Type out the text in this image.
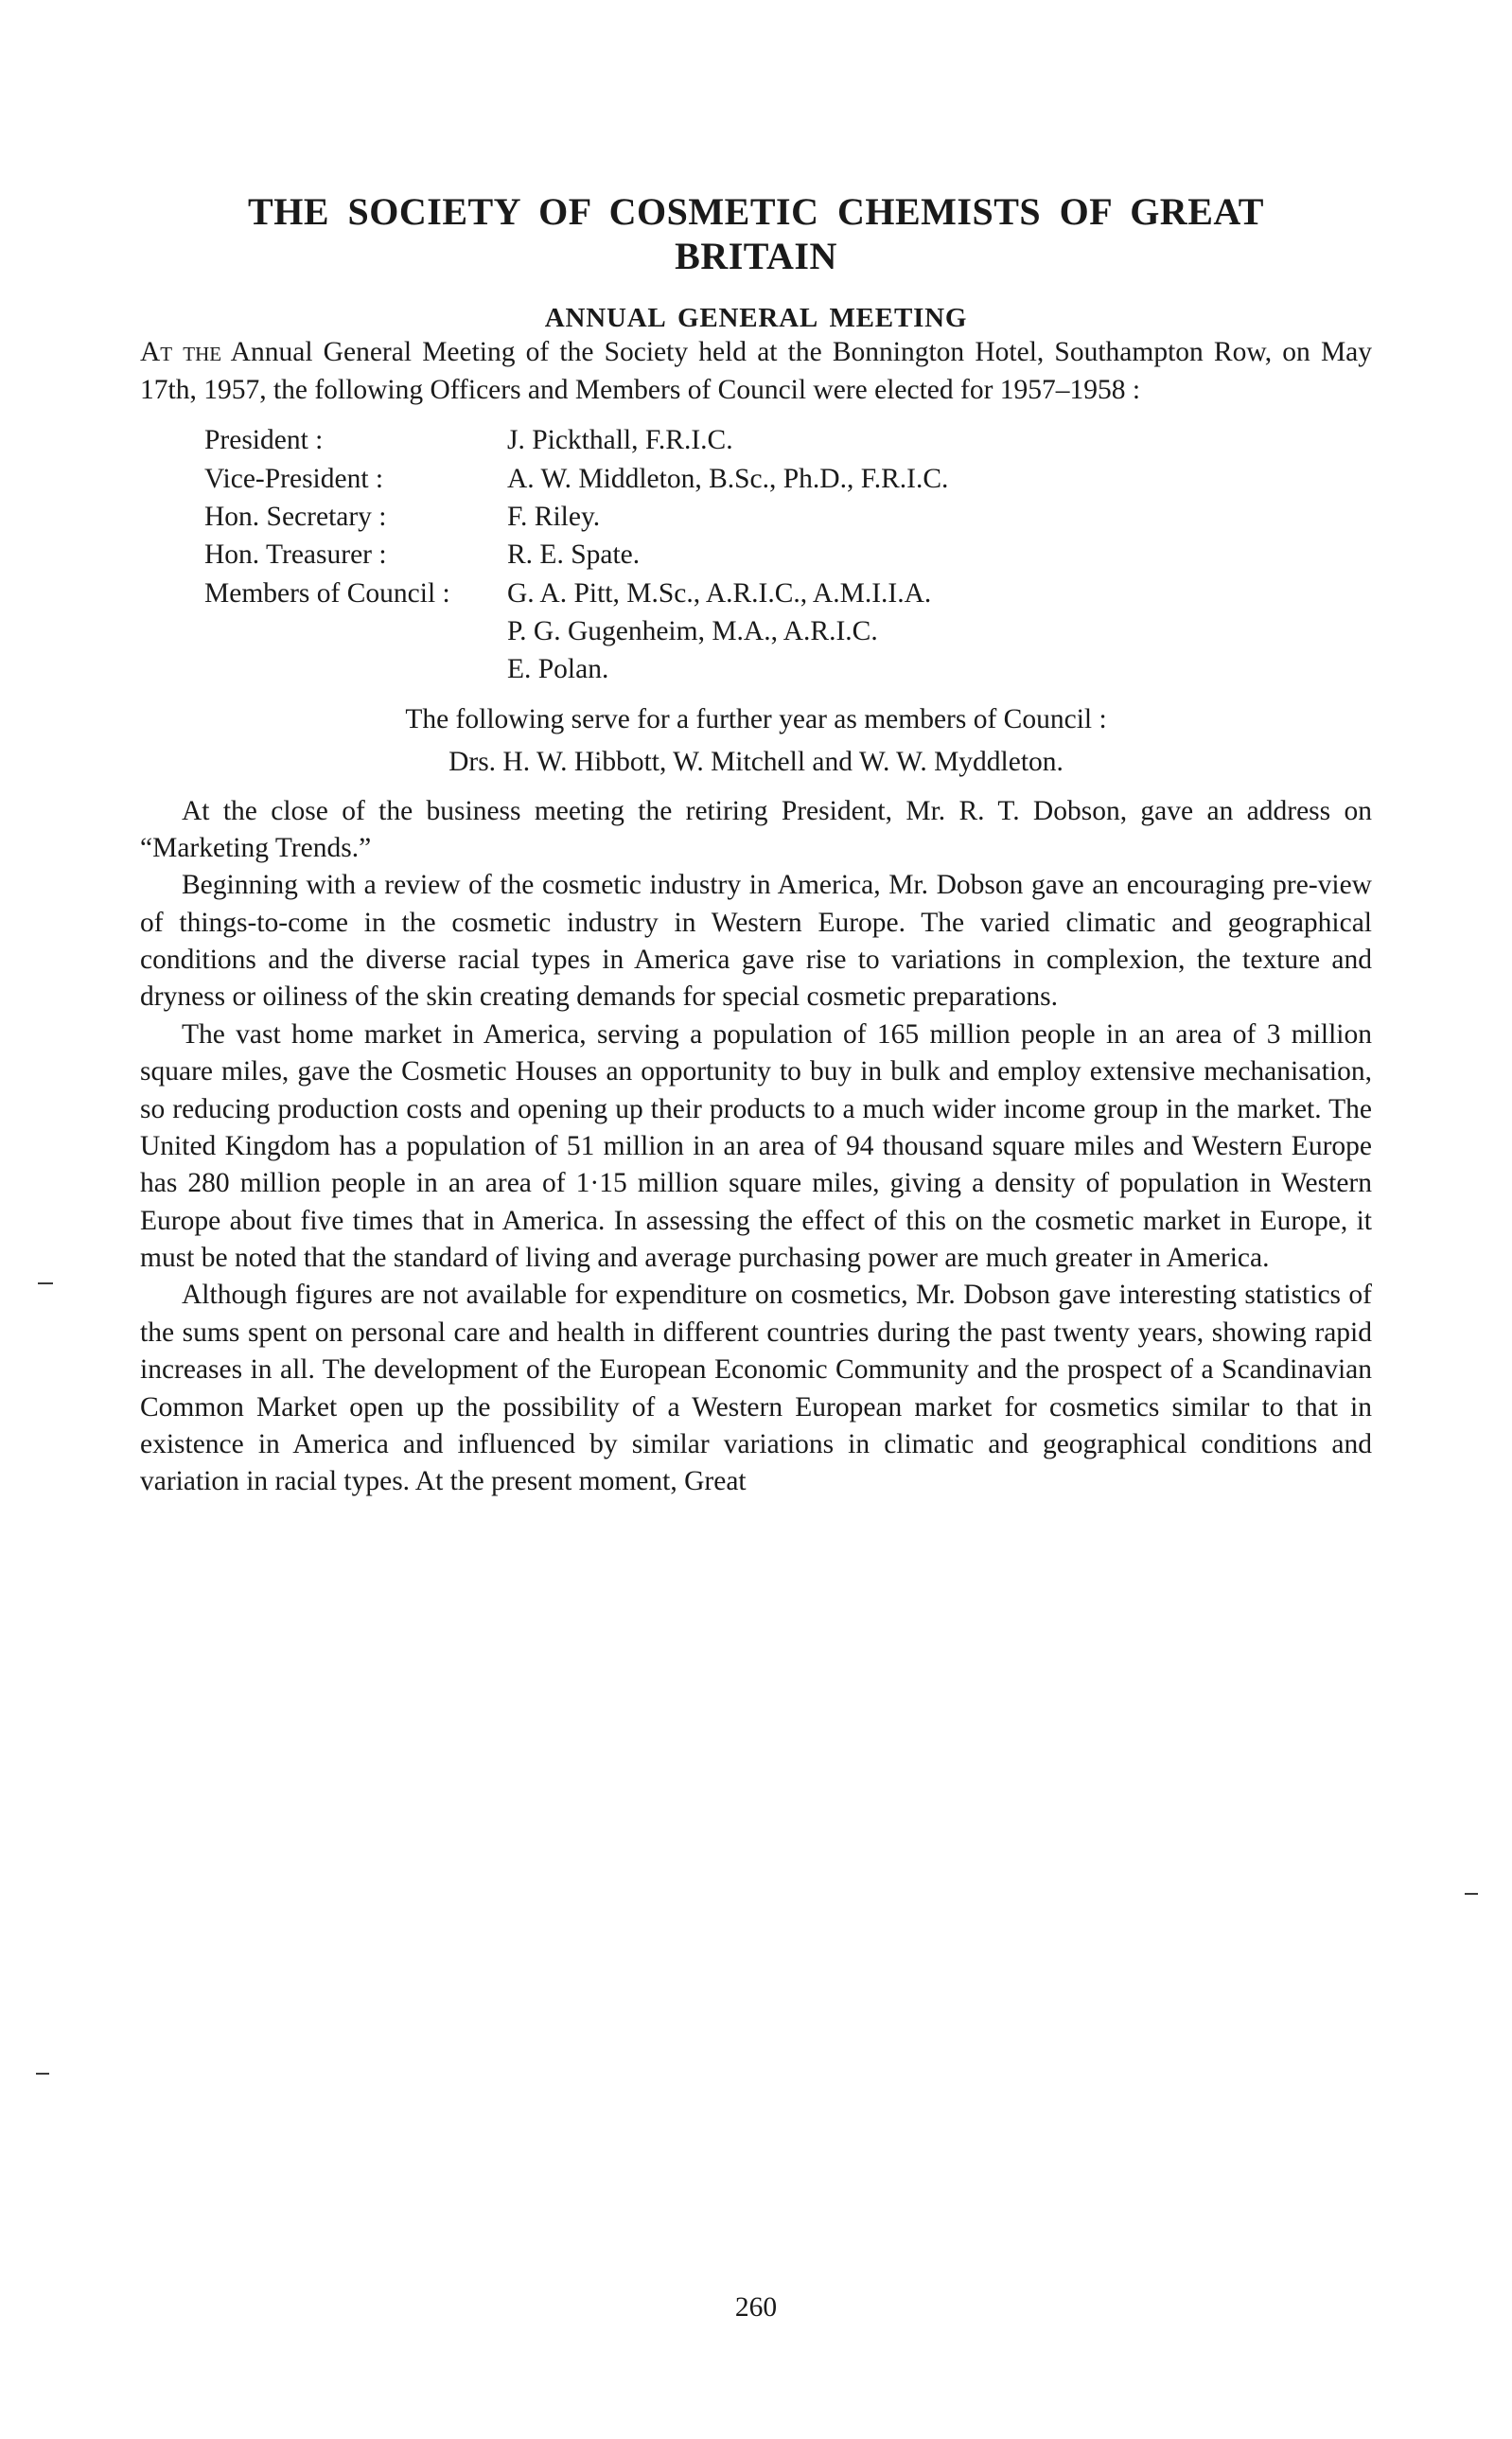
THE SOCIETY OF COSMETIC CHEMISTS OF GREAT BRITAIN
ANNUAL GENERAL MEETING

At the Annual General Meeting of the Society held at the Bonnington Hotel, Southampton Row, on May 17th, 1957, the following Officers and Members of Council were elected for 1957–1958 :

President :	J. Pickthall, F.R.I.C.
Vice-President :	A. W. Middleton, B.Sc., Ph.D., F.R.I.C.
Hon. Secretary :	F. Riley.
Hon. Treasurer :	R. E. Spate.
Members of Council :	G. A. Pitt, M.Sc., A.R.I.C., A.M.I.I.A.
	P. G. Gugenheim, M.A., A.R.I.C.
	E. Polan.

The following serve for a further year as members of Council :

Drs. H. W. Hibbott, W. Mitchell and W. W. Myddleton.

At the close of the business meeting the retiring President, Mr. R. T. Dobson, gave an address on “Marketing Trends.”

Beginning with a review of the cosmetic industry in America, Mr. Dobson gave an encouraging pre-view of things-to-come in the cosmetic industry in Western Europe. The varied climatic and geographical conditions and the diverse racial types in America gave rise to variations in complexion, the texture and dryness or oiliness of the skin creating demands for special cosmetic preparations.

The vast home market in America, serving a population of 165 million people in an area of 3 million square miles, gave the Cosmetic Houses an opportunity to buy in bulk and employ extensive mechanisation, so reducing production costs and opening up their products to a much wider income group in the market. The United Kingdom has a population of 51 million in an area of 94 thousand square miles and Western Europe has 280 million people in an area of 1·15 million square miles, giving a density of population in Western Europe about five times that in America. In assessing the effect of this on the cosmetic market in Europe, it must be noted that the standard of living and average purchasing power are much greater in America.

Although figures are not available for expenditure on cosmetics, Mr. Dobson gave interesting statistics of the sums spent on personal care and health in different countries during the past twenty years, showing rapid increases in all. The development of the European Economic Community and the prospect of a Scandinavian Common Market open up the possibility of a Western European market for cosmetics similar to that in existence in America and influenced by similar variations in climatic and geographical conditions and variation in racial types. At the present moment, Great

260
